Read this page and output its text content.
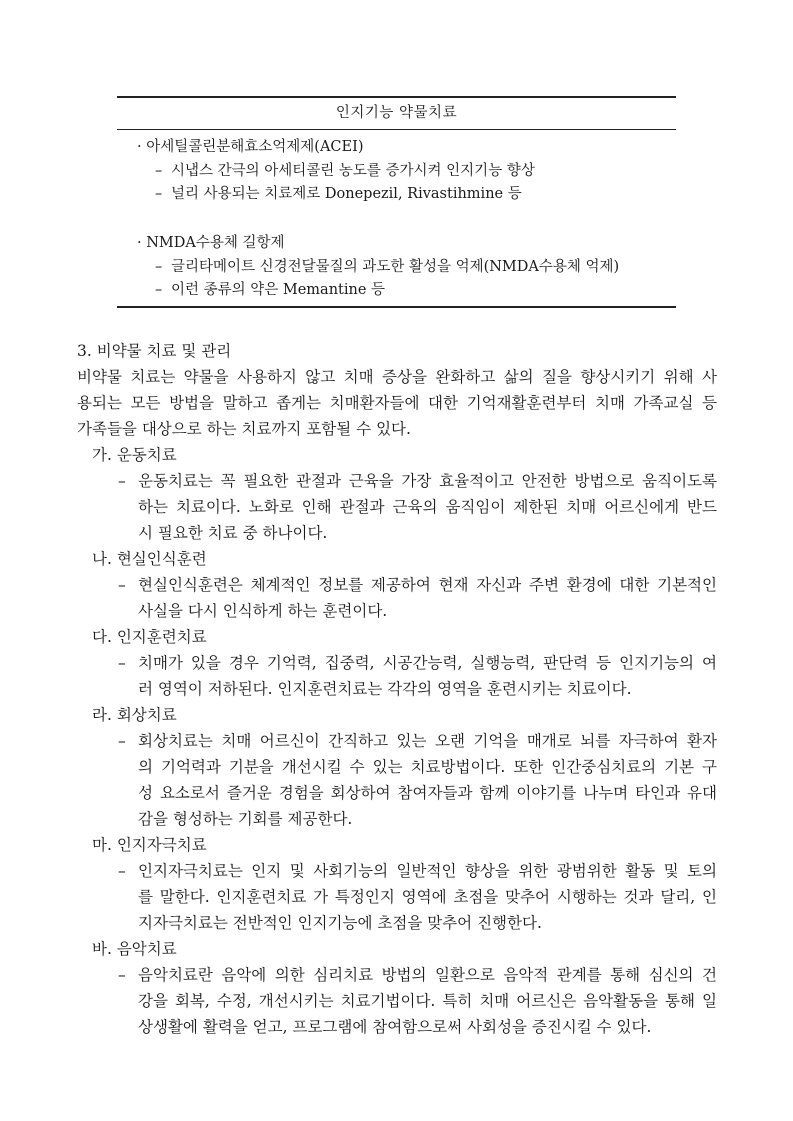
인지기능 약물치료
· 아세틸콜린분해효소억제제(ACEI)
– 시냅스 간극의 아세티콜린 농도를 증가시켜 인지기능 향상
– 널리 사용되는 치료제로 Donepezil, Rivastihmine 등
· NMDA수용체 길항제
– 글리타메이트 신경전달물질의 과도한 활성을 억제(NMDA수용체 억제)
– 이런 종류의 약은 Memantine 등
3. 비약물 치료 및 관리
비약물 치료는 약물을 사용하지 않고 치매 증상을 완화하고 삶의 질을 향상시키기 위해 사
용되는 모든 방법을 말하고 좁게는 치매환자들에 대한 기억재활훈련부터 치매 가족교실 등
가족들을 대상으로 하는 치료까지 포함될 수 있다.
가. 운동치료
– 운동치료는 꼭 필요한 관절과 근육을 가장 효율적이고 안전한 방법으로 움직이도록
하는 치료이다. 노화로 인해 관절과 근육의 움직임이 제한된 치매 어르신에게 반드
시 필요한 치료 중 하나이다.
나. 현실인식훈련
– 현실인식훈련은 체계적인 정보를 제공하여 현재 자신과 주변 환경에 대한 기본적인
사실을 다시 인식하게 하는 훈련이다.
다. 인지훈련치료
– 치매가 있을 경우 기억력, 집중력, 시공간능력, 실행능력, 판단력 등 인지기능의 여
러 영역이 저하된다. 인지훈련치료는 각각의 영역을 훈련시키는 치료이다.
라. 회상치료
– 회상치료는 치매 어르신이 간직하고 있는 오랜 기억을 매개로 뇌를 자극하여 환자
의 기억력과 기분을 개선시킬 수 있는 치료방법이다. 또한 인간중심치료의 기본 구
성 요소로서 즐거운 경험을 회상하여 참여자들과 함께 이야기를 나누며 타인과 유대
감을 형성하는 기회를 제공한다.
마. 인지자극치료
– 인지자극치료는 인지 및 사회기능의 일반적인 향상을 위한 광범위한 활동 및 토의
를 말한다. 인지훈련치료 가 특정인지 영역에 초점을 맞추어 시행하는 것과 달리, 인
지자극치료는 전반적인 인지기능에 초점을 맞추어 진행한다.
바. 음악치료
– 음악치료란 음악에 의한 심리치료 방법의 일환으로 음악적 관계를 통해 심신의 건
강을 회복, 수정, 개선시키는 치료기법이다. 특히 치매 어르신은 음악활동을 통해 일
상생활에 활력을 얻고, 프로그램에 참여함으로써 사회성을 증진시킬 수 있다.
